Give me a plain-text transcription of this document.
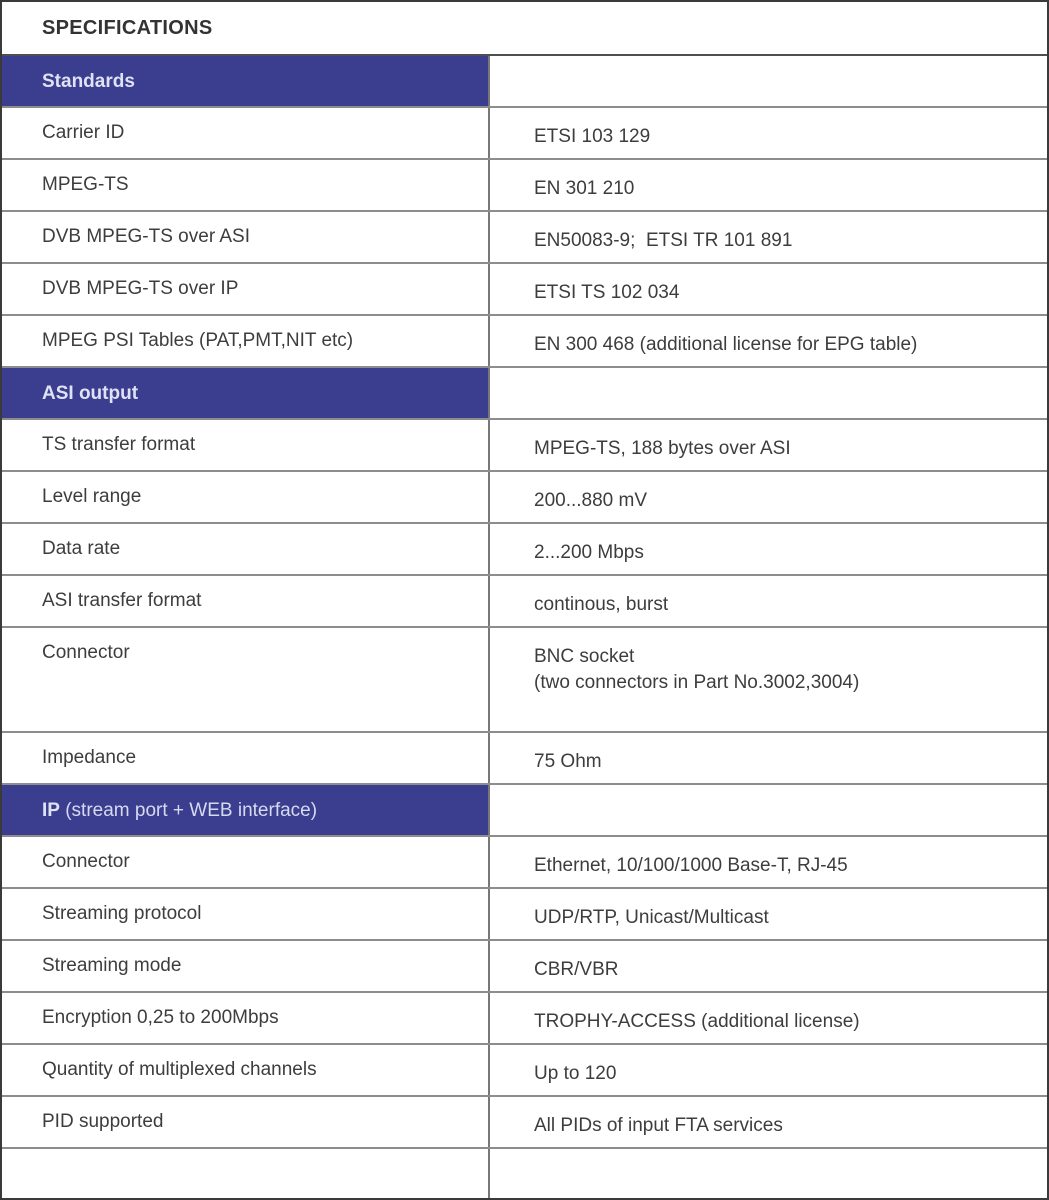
SPECIFICATIONS
Standards
Carrier ID	ETSI 103 129
MPEG-TS	EN 301 210
DVB MPEG-TS over ASI	EN50083-9;  ETSI TR 101 891
DVB MPEG-TS over IP	ETSI TS 102 034
MPEG PSI Tables (PAT,PMT,NIT etc)	EN 300 468 (additional license for EPG table)
ASI output
TS transfer format	MPEG-TS, 188 bytes over ASI
Level range	200...880 mV
Data rate	2...200 Mbps
ASI transfer format	continous, burst
Connector	BNC socket
(two connectors in Part No.3002,3004)
Impedance	75 Ohm
IP (stream port + WEB interface)
Connector	Ethernet, 10/100/1000 Base-T, RJ-45
Streaming protocol	UDP/RTP, Unicast/Multicast
Streaming mode	CBR/VBR
Encryption 0,25 to 200Mbps	TROPHY-ACCESS (additional license)
Quantity of multiplexed channels	Up to 120
PID supported	All PIDs of input FTA services
